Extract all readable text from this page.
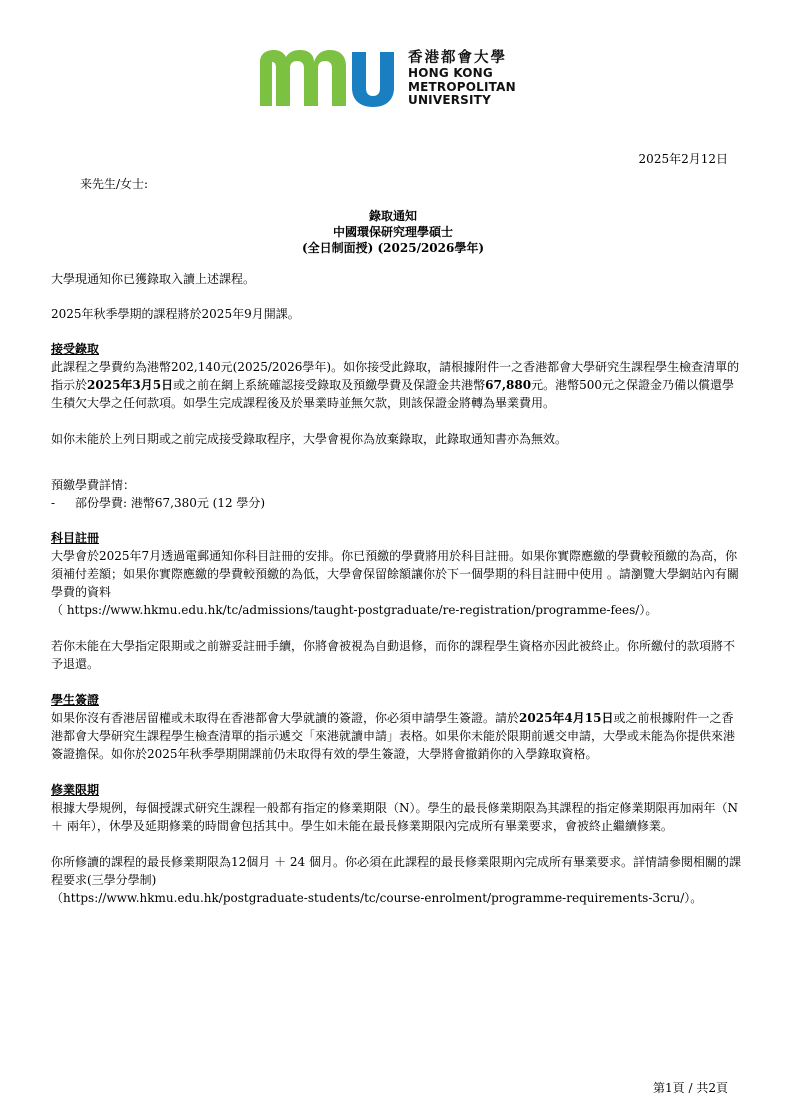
香港都會大學
HONG KONG
METROPOLITAN
UNIVERSITY
2025年2月12日
来先生/女士:
錄取通知
中國環保研究理學碩士
(全日制面授) (2025/2026學年)

大學現通知你已獲錄取入讀上述課程。

2025年秋季學期的課程將於2025年9月開課。

接受錄取

此課程之學費約為港幣202,140元(2025/2026學年)。如你接受此錄取，請根據附件一之香港都會大學研究生課程學生檢查清單的指示於2025年3月5日或之前在網上系統確認接受錄取及預繳學費及保證金共港幣67,880元。港幣500元之保證金乃備以償還學生積欠大學之任何款項。如學生完成課程後及於畢業時並無欠款，則該保證金將轉為畢業費用。

如你未能於上列日期或之前完成接受錄取程序，大學會視你為放棄錄取，此錄取通知書亦為無效。

預繳學費詳情：

-	部份學費: 港幣67,380元 (12 學分)

科目註冊

大學會於2025年7月透過電郵通知你科目註冊的安排。你已預繳的學費將用於科目註冊。如果你實際應繳的學費較預繳的為高，你須補付差額；如果你實際應繳的學費較預繳的為低，大學會保留餘額讓你於下一個學期的科目註冊中使用 。請瀏覽大學網站內有關學費的資料

（ https://www.hkmu.edu.hk/tc/admissions/taught-postgraduate/re-registration/programme-fees/）。

若你未能在大學指定限期或之前辦妥註冊手續，你將會被視為自動退修，而你的課程學生資格亦因此被終止。你所繳付的款項將不予退還。

學生簽證

如果你沒有香港居留權或未取得在香港都會大學就讀的簽證，你必須申請學生簽證。請於2025年4月15日或之前根據附件一之香港都會大學研究生課程學生檢查清單的指示遞交「來港就讀申請」表格。如果你未能於限期前遞交申請，大學或未能為你提供來港簽證擔保。如你於2025年秋季學期開課前仍未取得有效的學生簽證，大學將會撤銷你的入學錄取資格。

修業限期

根據大學規例，每個授課式研究生課程一般都有指定的修業期限（N）。學生的最長修業期限為其課程的指定修業期限再加兩年（N ＋ 兩年），休學及延期修業的時間會包括其中。學生如未能在最長修業期限內完成所有畢業要求，會被終止繼續修業。

你所修讀的課程的最長修業期限為12個月 ＋ 24 個月。你必須在此課程的最長修業限期內完成所有畢業要求。詳情請參閱相關的課程要求(三學分學制)

（https://www.hkmu.edu.hk/postgraduate-students/tc/course-enrolment/programme-requirements-3cru/）。

第1頁 / 共2頁
